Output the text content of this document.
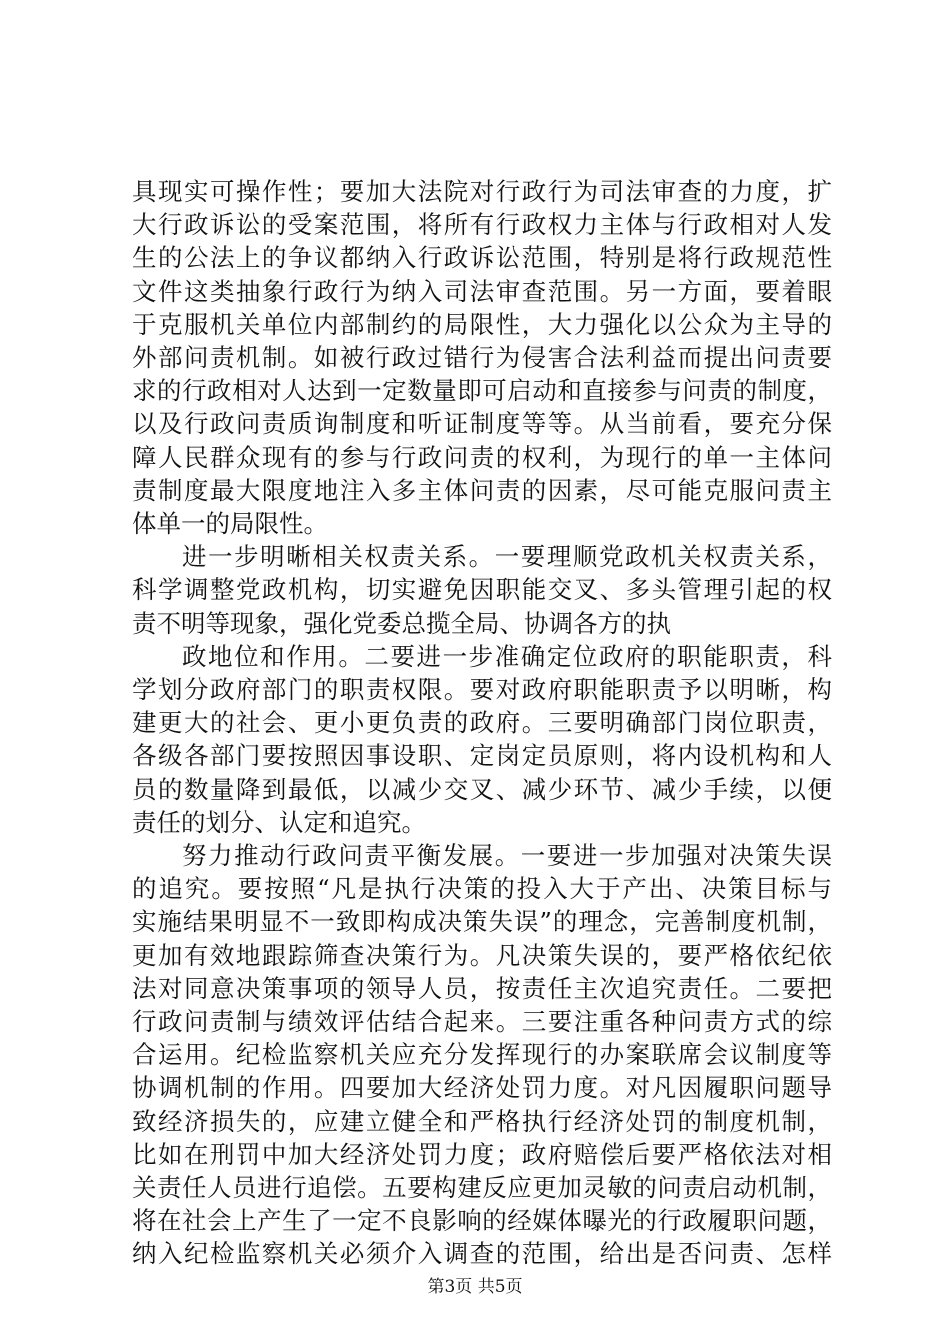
具现实可操作性；要加大法院对行政行为司法审查的力度，扩
大行政诉讼的受案范围，将所有行政权力主体与行政相对人发
生的公法上的争议都纳入行政诉讼范围，特别是将行政规范性
文件这类抽象行政行为纳入司法审查范围。另一方面，要着眼
于克服机关单位内部制约的局限性，大力强化以公众为主导的
外部问责机制。如被行政过错行为侵害合法利益而提出问责要
求的行政相对人达到一定数量即可启动和直接参与问责的制度，
以及行政问责质询制度和听证制度等等。从当前看，要充分保
障人民群众现有的参与行政问责的权利，为现行的单一主体问
责制度最大限度地注入多主体问责的因素，尽可能克服问责主
体单一的局限性。
进一步明晰相关权责关系。一要理顺党政机关权责关系，
科学调整党政机构，切实避免因职能交叉、多头管理引起的权
责不明等现象，强化党委总揽全局、协调各方的执
政地位和作用。二要进一步准确定位政府的职能职责，科
学划分政府部门的职责权限。要对政府职能职责予以明晰，构
建更大的社会、更小更负责的政府。三要明确部门岗位职责，
各级各部门要按照因事设职、定岗定员原则，将内设机构和人
员的数量降到最低，以减少交叉、减少环节、减少手续，以便
责任的划分、认定和追究。
努力推动行政问责平衡发展。一要进一步加强对决策失误
的追究。要按照“凡是执行决策的投入大于产出、决策目标与
实施结果明显不一致即构成决策失误”的理念，完善制度机制，
更加有效地跟踪筛查决策行为。凡决策失误的，要严格依纪依
法对同意决策事项的领导人员，按责任主次追究责任。二要把
行政问责制与绩效评估结合起来。三要注重各种问责方式的综
合运用。纪检监察机关应充分发挥现行的办案联席会议制度等
协调机制的作用。四要加大经济处罚力度。对凡因履职问题导
致经济损失的，应建立健全和严格执行经济处罚的制度机制，
比如在刑罚中加大经济处罚力度；政府赔偿后要严格依法对相
关责任人员进行追偿。五要构建反应更加灵敏的问责启动机制，
将在社会上产生了一定不良影响的经媒体曝光的行政履职问题，
纳入纪检监察机关必须介入调查的范围，给出是否问责、怎样
第3页 共5页
